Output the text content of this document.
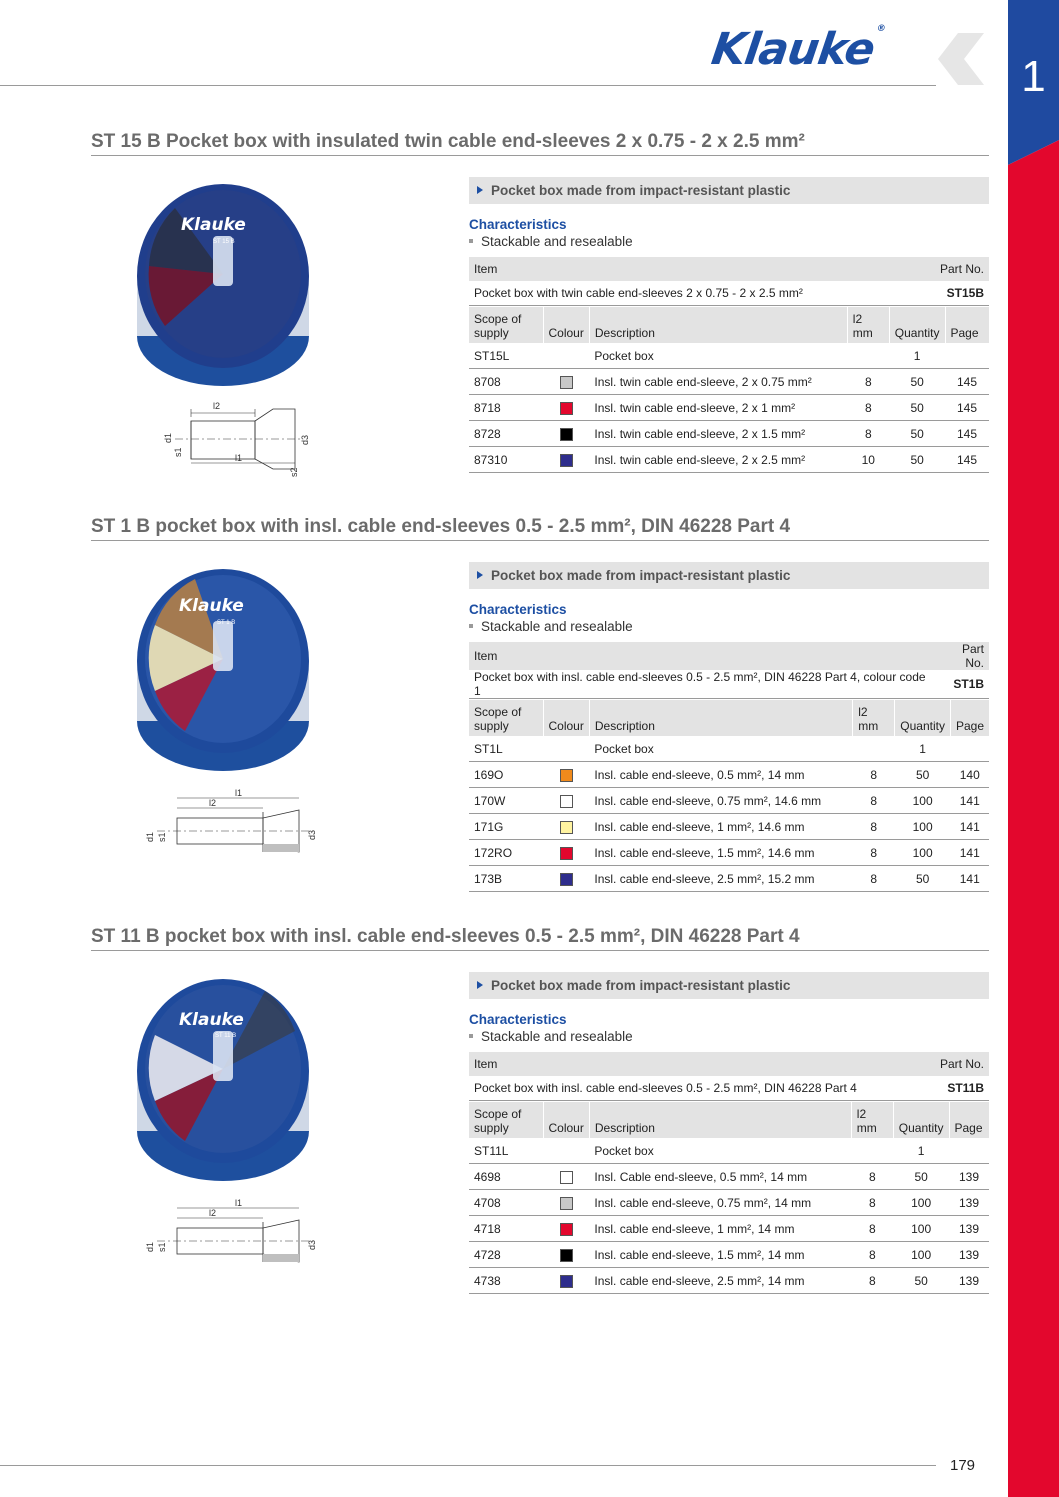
Klauke®
1
ST 15 B Pocket box with insulated twin cable end-sleeves 2 x 0.75 - 2 x 2.5 mm²
Klauke
ST 15 B
l2
l1
d1
s1
d3
s2
Pocket box made from impact-resistant plastic
Characteristics
Stackable and resealable
Item	Part No.
Pocket box with twin cable end-sleeves 2 x 0.75 - 2 x 2.5 mm²	ST15B
Scope of
supply	Colour	Description	l2 mm	Quantity	Page
ST15L		Pocket box		1	
8708		Insl. twin cable end-sleeve, 2 x 0.75 mm²	8	50	145
8718		Insl. twin cable end-sleeve, 2 x 1 mm²	8	50	145
8728		Insl. twin cable end-sleeve, 2 x 1.5 mm²	8	50	145
87310		Insl. twin cable end-sleeve, 2 x 2.5 mm²	10	50	145
ST 1 B pocket box with insl. cable end-sleeves 0.5 - 2.5 mm², DIN 46228 Part 4
Klauke
ST 1 B
l1
l2
d1 s1	d3
Pocket box made from impact-resistant plastic
Characteristics
Stackable and resealable
Item	Part No.
Pocket box with insl. cable end-sleeves 0.5 - 2.5 mm², DIN 46228 Part 4, colour code 1	ST1B
Scope of
supply	Colour	Description	l2 mm	Quantity	Page
ST1L		Pocket box		1	
169O		Insl. cable end-sleeve, 0.5 mm², 14 mm	8	50	140
170W		Insl. cable end-sleeve, 0.75 mm², 14.6 mm	8	100	141
171G		Insl. cable end-sleeve, 1 mm², 14.6 mm	8	100	141
172RO		Insl. cable end-sleeve, 1.5 mm², 14.6 mm	8	100	141
173B		Insl. cable end-sleeve, 2.5 mm², 15.2 mm	8	50	141
ST 11 B pocket box with insl. cable end-sleeves 0.5 - 2.5 mm², DIN 46228 Part 4
Klauke
ST 11 B
l1
l2
d1 s1	d3
Pocket box made from impact-resistant plastic
Characteristics
Stackable and resealable
Item	Part No.
Pocket box with insl. cable end-sleeves 0.5 - 2.5 mm², DIN 46228 Part 4	ST11B
Scope of
supply	Colour	Description	l2 mm	Quantity	Page
ST11L		Pocket box		1	
4698		Insl. Cable end-sleeve, 0.5 mm², 14 mm	8	50	139
4708		Insl. cable end-sleeve, 0.75 mm², 14 mm	8	100	139
4718		Insl. cable end-sleeve, 1 mm², 14 mm	8	100	139
4728		Insl. cable end-sleeve, 1.5 mm², 14 mm	8	100	139
4738		Insl. cable end-sleeve, 2.5 mm², 14 mm	8	50	139
179
